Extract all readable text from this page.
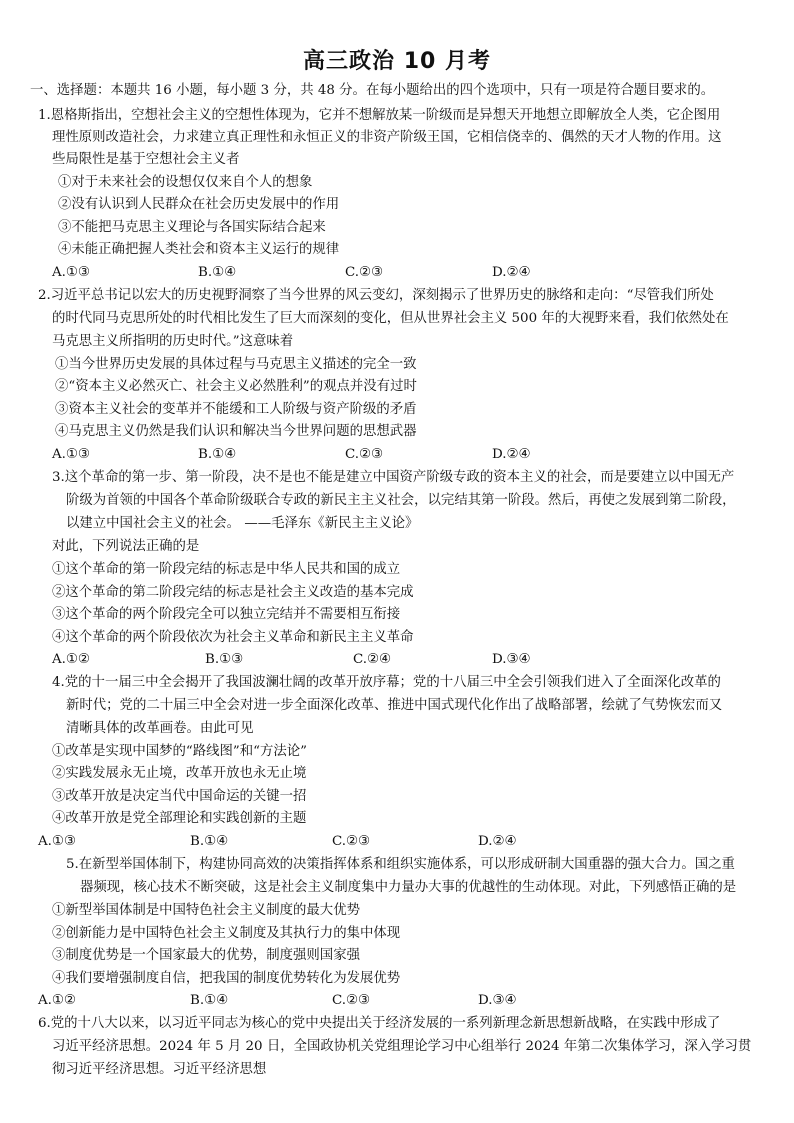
高三政治 10 月考
一、选择题：本题共 16 小题，每小题 3 分，共 48 分。在每小题给出的四个选项中，只有一项是符合题目要求的。
1.恩格斯指出，空想社会主义的空想性体现为，它并不想解放某一阶级而是异想天开地想立即解放全人类，它企图用
理性原则改造社会，力求建立真正理性和永恒正义的非资产阶级王国，它相信侥幸的、偶然的天才人物的作用。这
些局限性是基于空想社会主义者
①对于未来社会的设想仅仅来自个人的想象
②没有认识到人民群众在社会历史发展中的作用
③不能把马克思主义理论与各国实际结合起来
④未能正确把握人类社会和资本主义运行的规律
A.①③	B.①④	C.②③	D.②④
2.习近平总书记以宏大的历史视野洞察了当今世界的风云变幻，深刻揭示了世界历史的脉络和走向：“尽管我们所处
的时代同马克思所处的时代相比发生了巨大而深刻的变化，但从世界社会主义 500 年的大视野来看，我们依然处在
马克思主义所指明的历史时代。”这意味着
①当今世界历史发展的具体过程与马克思主义描述的完全一致
②“资本主义必然灭亡、社会主义必然胜利”的观点并没有过时
③资本主义社会的变革并不能缓和工人阶级与资产阶级的矛盾
④马克思主义仍然是我们认识和解决当今世界问题的思想武器
A.①③	B.①④	C.②③	D.②④
3.这个革命的第一步、第一阶段，决不是也不能是建立中国资产阶级专政的资本主义的社会，而是要建立以中国无产
阶级为首领的中国各个革命阶级联合专政的新民主主义社会，以完结其第一阶段。然后，再使之发展到第二阶段，
以建立中国社会主义的社会。 ——毛泽东《新民主主义论》
对此，下列说法正确的是
①这个革命的第一阶段完结的标志是中华人民共和国的成立
②这个革命的第二阶段完结的标志是社会主义改造的基本完成
③这个革命的两个阶段完全可以独立完结并不需要相互衔接
④这个革命的两个阶段依次为社会主义革命和新民主主义革命
A.①②	B.①③	C.②④	D.③④
4.党的十一届三中全会揭开了我国波澜壮阔的改革开放序幕；党的十八届三中全会引领我们进入了全面深化改革的
新时代；党的二十届三中全会对进一步全面深化改革、推进中国式现代化作出了战略部署，绘就了气势恢宏而又
清晰具体的改革画卷。由此可见
①改革是实现中国梦的“路线图”和“方法论”
②实践发展永无止境，改革开放也永无止境
③改革开放是决定当代中国命运的关键一招
④改革开放是党全部理论和实践创新的主题
A.①③	B.①④	C.②③	D.②④
5.在新型举国体制下，构建协同高效的决策指挥体系和组织实施体系，可以形成研制大国重器的强大合力。国之重
器频现，核心技术不断突破，这是社会主义制度集中力量办大事的优越性的生动体现。对此，下列感悟正确的是
①新型举国体制是中国特色社会主义制度的最大优势
②创新能力是中国特色社会主义制度及其执行力的集中体现
③制度优势是一个国家最大的优势，制度强则国家强
④我们要增强制度自信，把我国的制度优势转化为发展优势
A.①②	B.①④	C.②③	D.③④
6.党的十八大以来，以习近平同志为核心的党中央提出关于经济发展的一系列新理念新思想新战略，在实践中形成了
习近平经济思想。2024 年 5 月 20 日，全国政协机关党组理论学习中心组举行 2024 年第二次集体学习，深入学习贯
彻习近平经济思想。习近平经济思想
